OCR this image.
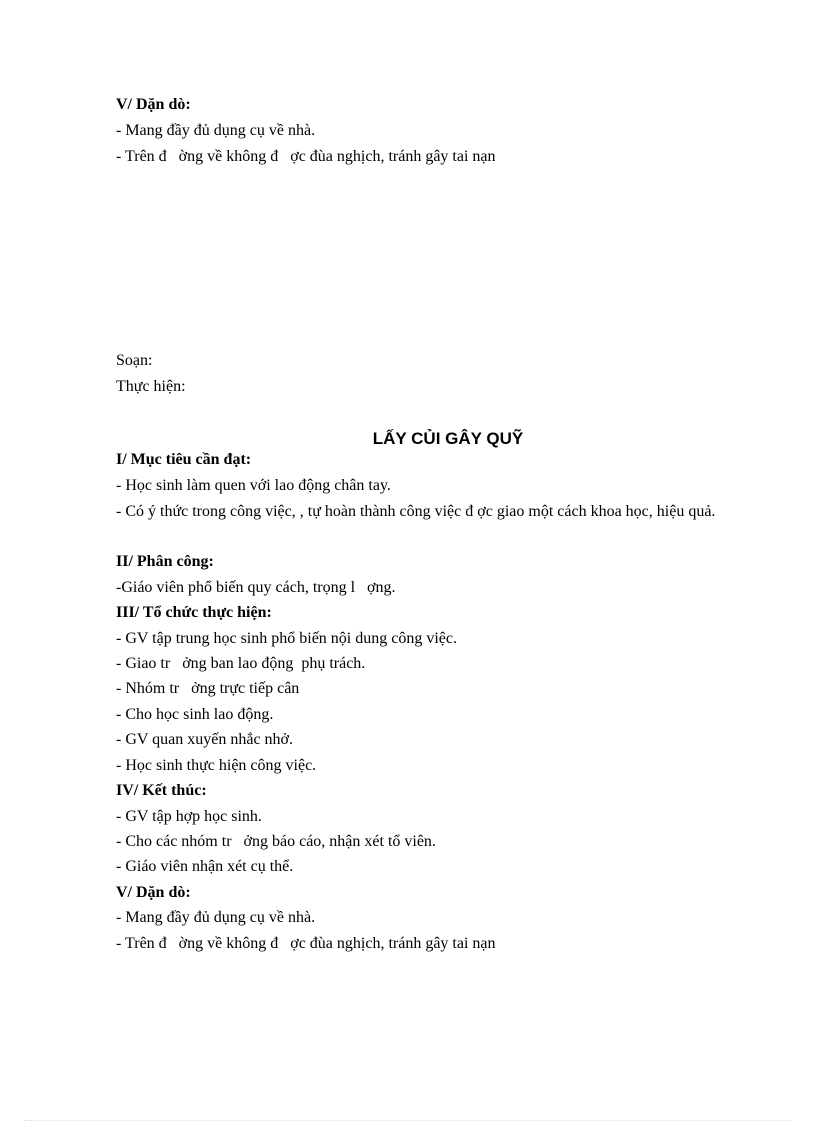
V/ Dặn dò:
- Mang đầy đủ dụng cụ về nhà.
- Trên đ   ờng về không đ   ợc đùa nghịch, tránh gây tai nạn
Soạn:
Thực hiện:
LẤY CỦI GÂY QUỸ
I/ Mục tiêu cần đạt:
- Học sinh làm quen với lao động chân tay.
- Có ý thức trong công việc, , tự hoàn thành công việc đ ợc giao một cách khoa học, hiệu quả.
II/ Phân công:
-Giáo viên phổ biến quy cách, trọng l   ợng.
III/ Tổ chức thực hiện:
- GV tập trung học sinh phổ biến nội dung công việc.
- Giao tr   ởng ban lao động  phụ trách.
- Nhóm tr   ởng trực tiếp cân
- Cho học sinh lao động.
- GV quan xuyến nhắc nhở.
- Học sinh thực hiện công việc.
IV/ Kết thúc:
- GV tập hợp học sinh.
- Cho các nhóm tr   ởng báo cáo, nhận xét tổ viên.
- Giáo viên nhận xét cụ thể.
V/ Dặn dò:
- Mang đầy đủ dụng cụ về nhà.
- Trên đ   ờng về không đ   ợc đùa nghịch, tránh gây tai nạn
